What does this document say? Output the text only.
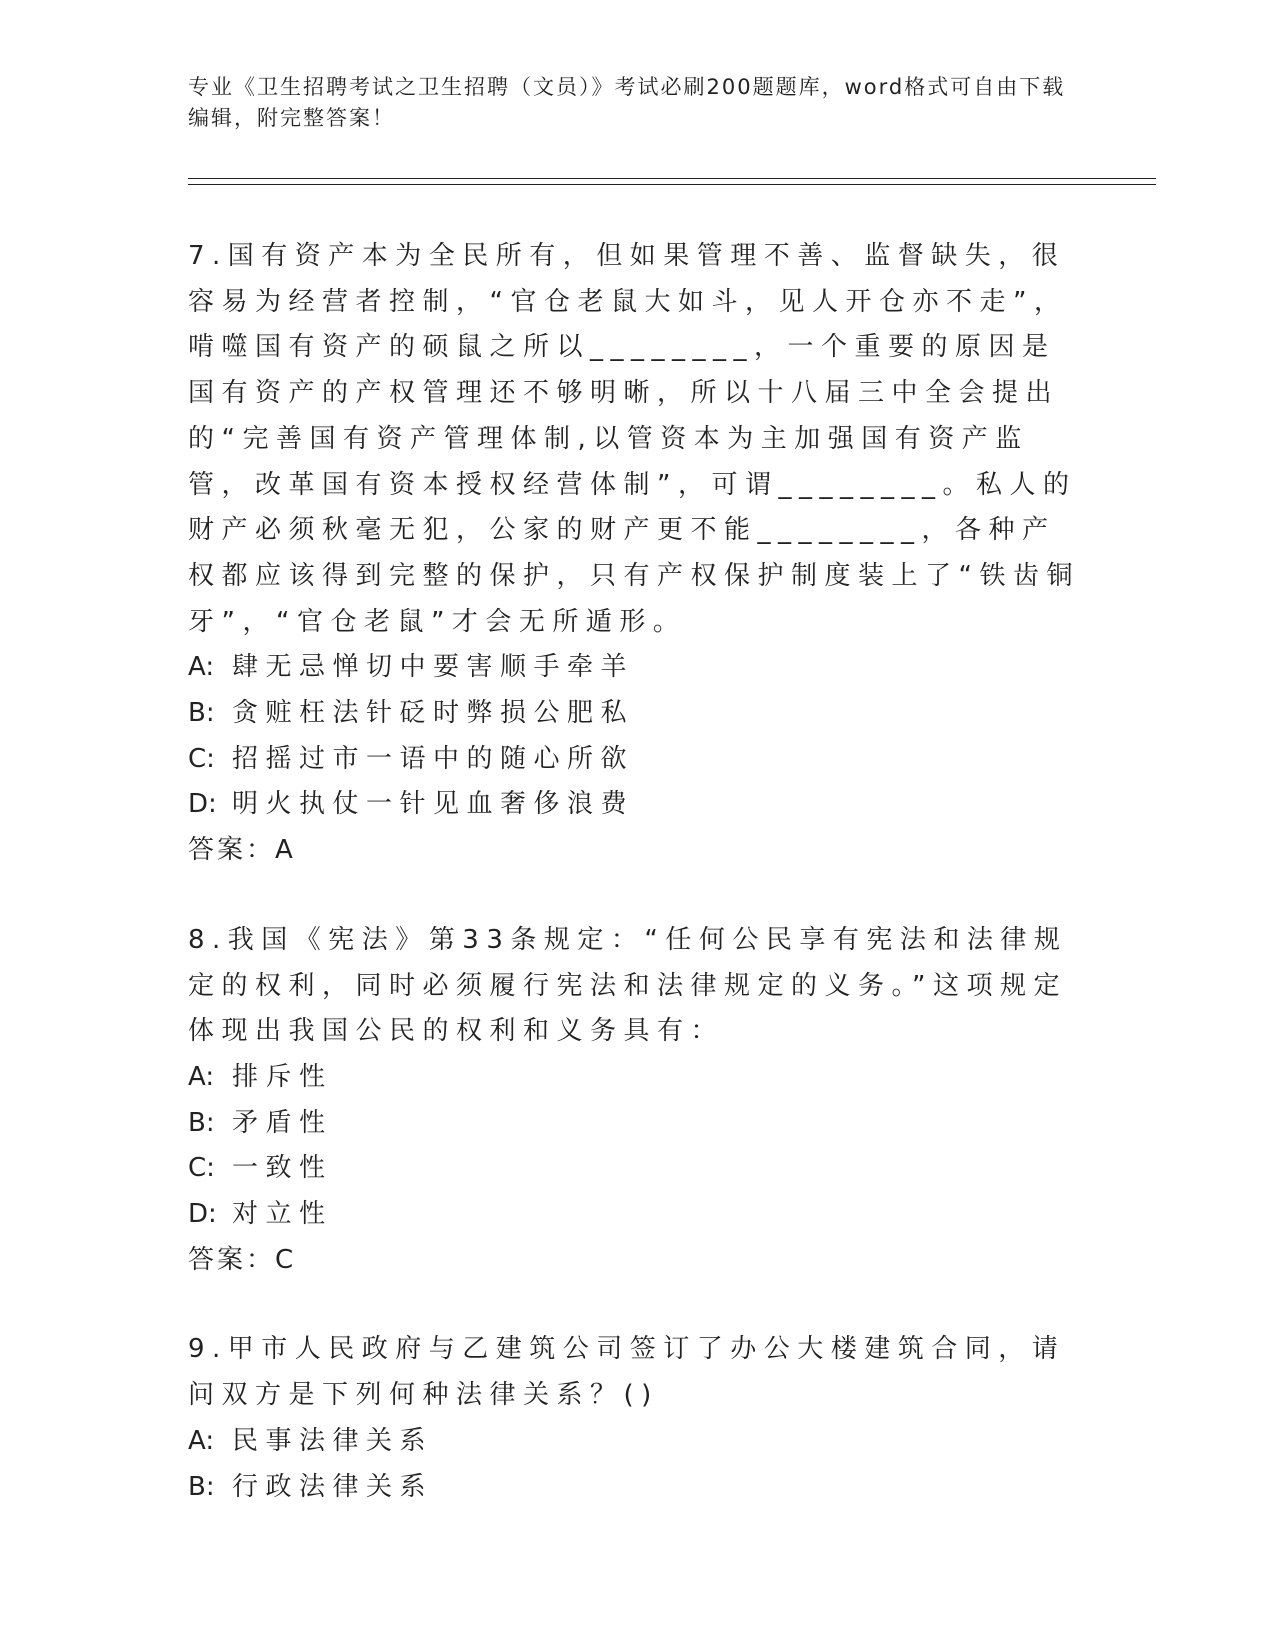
专业《卫生招聘考试之卫生招聘（文员）》考试必刷200题题库，word格式可自由下载编辑，附完整答案！

7.国有资产本为全民所有，但如果管理不善、监督缺失，很容易为经营者控制，“官仓老鼠大如斗，见人开仓亦不走”，啃噬国有资产的硕鼠之所以________，一个重要的原因是国有资产的产权管理还不够明晰，所以十八届三中全会提出的“完善国有资产管理体制,以管资本为主加强国有资产监管，改革国有资本授权经营体制”，可谓________。私人的财产必须秋毫无犯，公家的财产更不能________，各种产权都应该得到完整的保护，只有产权保护制度装上了“铁齿铜牙”，“官仓老鼠”才会无所遁形。

A: 肆无忌惮切中要害顺手牵羊

B: 贪赃枉法针砭时弊损公肥私

C: 招摇过市一语中的随心所欲

D: 明火执仗一针见血奢侈浪费

答案：A

8.我国《宪法》第33条规定：“任何公民享有宪法和法律规定的权利，同时必须履行宪法和法律规定的义务。”这项规定体现出我国公民的权利和义务具有：

A: 排斥性

B: 矛盾性

C: 一致性

D: 对立性

答案：C

9.甲市人民政府与乙建筑公司签订了办公大楼建筑合同，请问双方是下列何种法律关系？()

A: 民事法律关系

B: 行政法律关系
